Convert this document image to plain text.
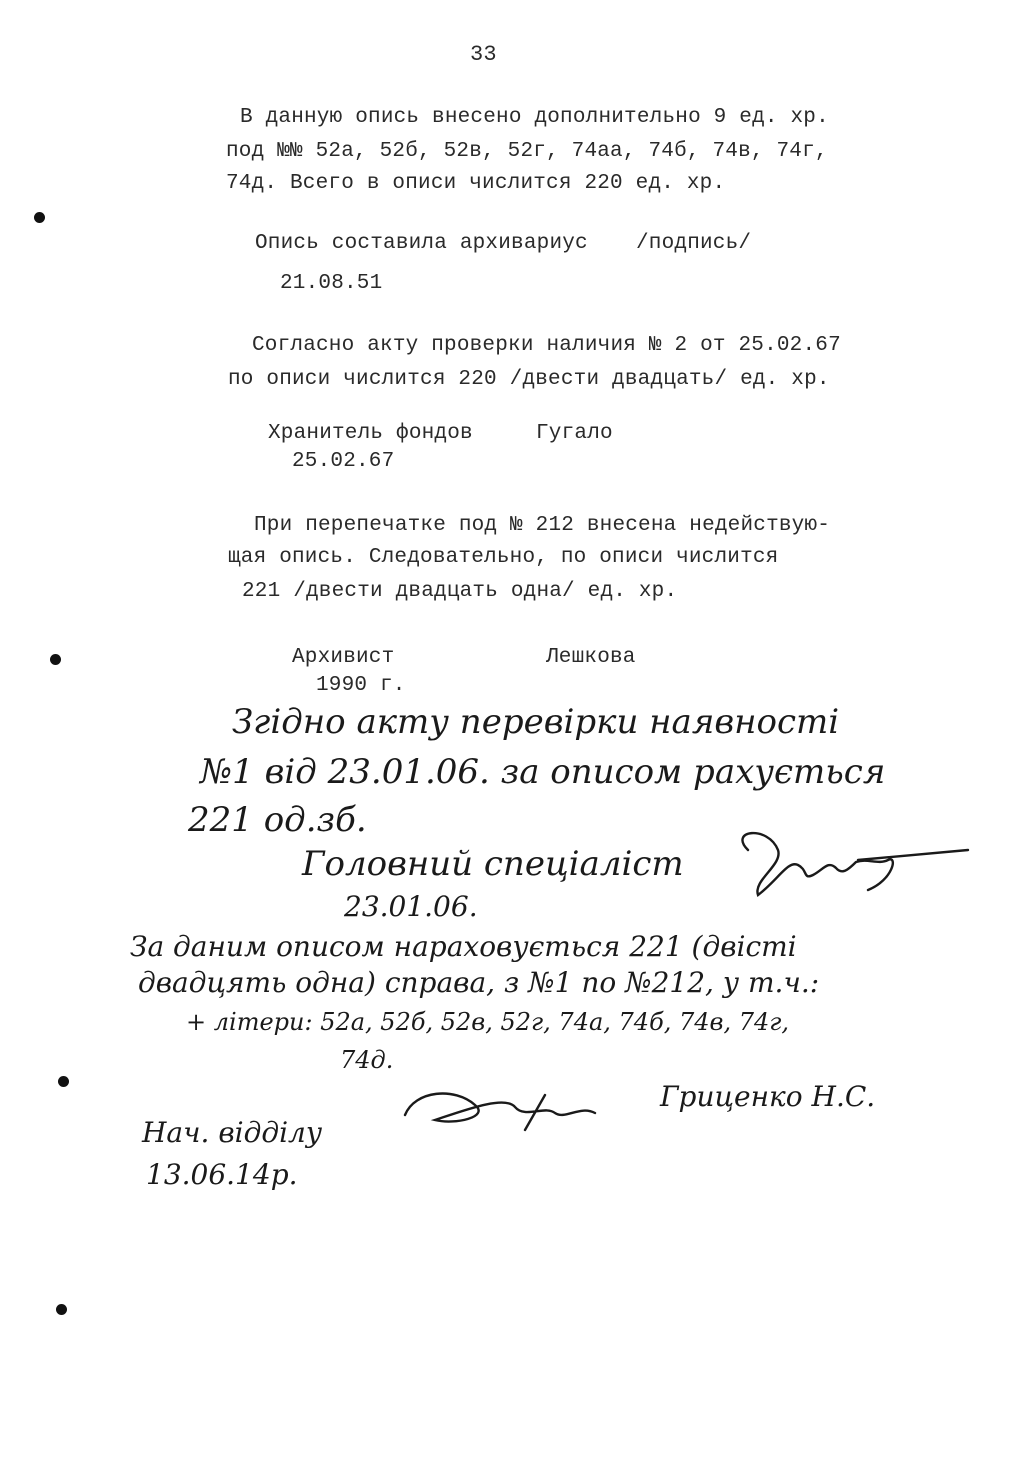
33
В данную опись внесено дополнительно 9 ед. хр.
под №№ 52а, 52б, 52в, 52г, 74аа, 74б, 74в, 74г,
74д. Всего в описи числится 220 ед. хр.
Опись составила архивариус /подпись/
21.08.51
Согласно акту проверки наличия № 2 от 25.02.67
по описи числится 220 /двести двадцать/ ед. хр.
Хранитель фондов	Гугало
25.02.67
При перепечатке под № 212 внесена недействую-
щая опись. Следовательно, по описи числится
221 /двести двадцать одна/ ед. хр.
Архивист	Лешкова
1990 г.
Згідно акту перевірки наявності
№1 від 23.01.06. за описом рахується
221 од.зб.
Головний спеціаліст
23.01.06.
За даним описом нараховується 221 (двісті
двадцять одна) справа, з №1 по №212, у т.ч.:
+ літери: 52а, 52б, 52в, 52г, 74а, 74б, 74в, 74г,
74д.
Гриценко Н.С.
Нач. відділу
13.06.14р.
